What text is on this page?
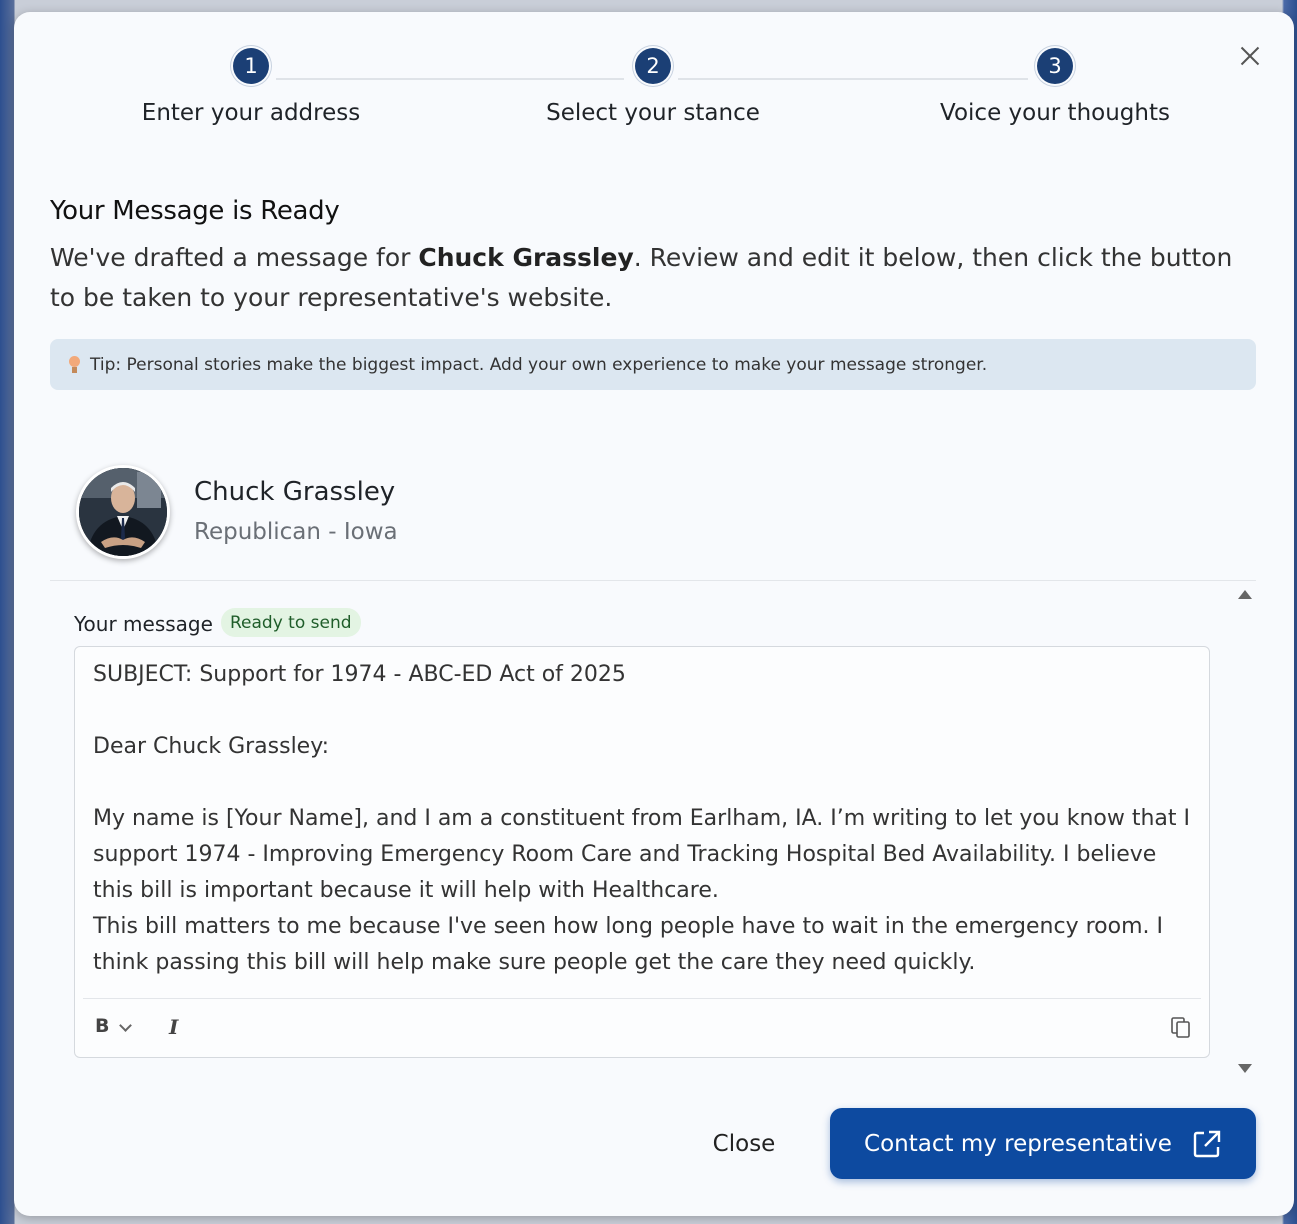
1
Enter your address
2
Select your stance
3
Voice your thoughts
Your Message is Ready
We've drafted a message for Chuck Grassley. Review and edit it below, then click the button to be taken to your representative's website.
Tip: Personal stories make the biggest impact. Add your own experience to make your message stronger.
Chuck Grassley
Republican - Iowa
Your message	Ready to send

SUBJECT: Support for 1974 - ABC-ED Act of 2025

Dear Chuck Grassley:

My name is [Your Name], and I am a constituent from Earlham, IA. I’m writing to let you know that I support 1974 - Improving Emergency Room Care and Tracking Hospital Bed Availability. I believe this bill is important because it will help with Healthcare.

This bill matters to me because I've seen how long people have to wait in the emergency room. I think passing this bill will help make sure people get the care they need quickly.

B	I
Close	Contact my representative
